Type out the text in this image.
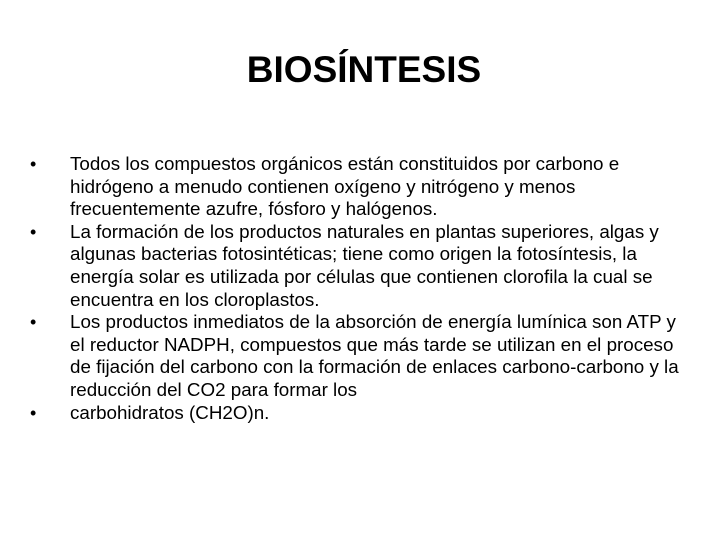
BIOSÍNTESIS
•	Todos los compuestos orgánicos están constituidos por carbono e hidrógeno a menudo contienen oxígeno y nitrógeno y menos frecuentemente azufre, fósforo y halógenos.
•	La formación de los productos naturales en plantas superiores, algas y algunas bacterias fotosintéticas; tiene como origen la fotosíntesis, la energía solar es utilizada por células que contienen clorofila la cual se encuentra en los cloroplastos.
•	Los productos inmediatos de la absorción de energía lumínica son ATP y el reductor NADPH, compuestos que más tarde se utilizan en el proceso de fijación del carbono con la formación de enlaces carbono-carbono y la reducción del CO2 para formar los
•	carbohidratos (CH2O)n.
